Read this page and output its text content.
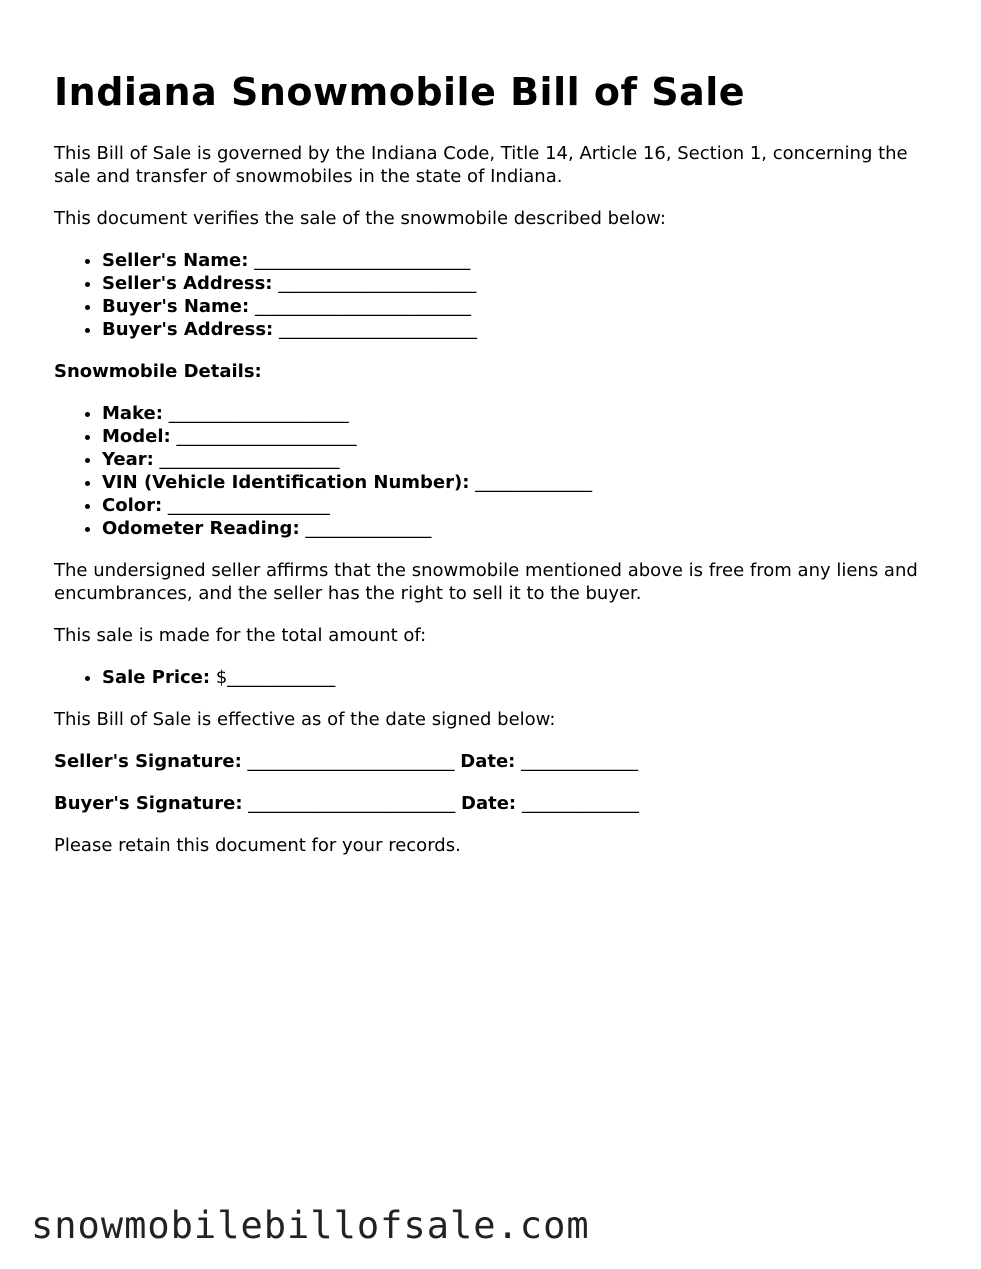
Indiana Snowmobile Bill of Sale

This Bill of Sale is governed by the Indiana Code, Title 14, Article 16, Section 1, concerning the sale and transfer of snowmobiles in the state of Indiana.

This document verifies the sale of the snowmobile described below:

• Seller's Name: ________________________
• Seller's Address: ______________________
• Buyer's Name: ________________________
• Buyer's Address: ______________________

Snowmobile Details:

• Make: ____________________
• Model: ____________________
• Year: ____________________
• VIN (Vehicle Identification Number): _____________
• Color: __________________
• Odometer Reading: ______________

The undersigned seller affirms that the snowmobile mentioned above is free from any liens and encumbrances, and the seller has the right to sell it to the buyer.

This sale is made for the total amount of:

• Sale Price: $____________

This Bill of Sale is effective as of the date signed below:

Seller's Signature: _______________________ Date: _____________

Buyer's Signature: _______________________ Date: _____________

Please retain this document for your records.

snowmobilebillofsale.com
